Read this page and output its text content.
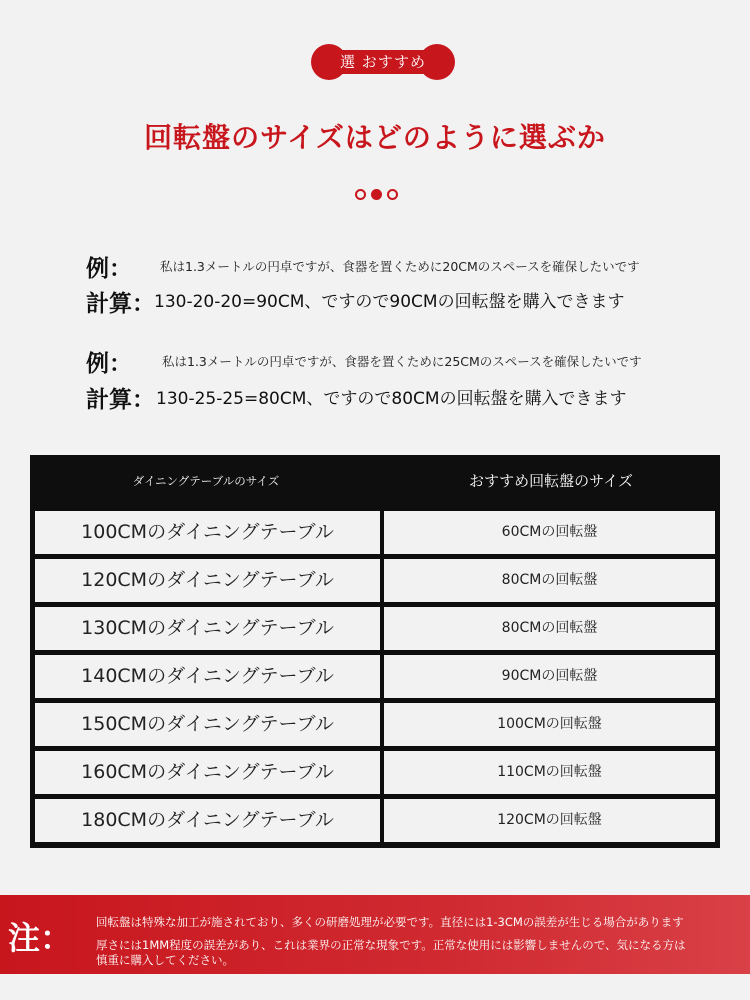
選 おすすめ
回転盤のサイズはどのように選ぶか
例： 私は1.3メートルの円卓ですが、食器を置くために20CMのスペースを確保したいです
計算： 130-20-20=90CM、ですので90CMの回転盤を購入できます
例： 私は1.3メートルの円卓ですが、食器を置くために25CMのスペースを確保したいです
計算： 130-25-25=80CM、ですので80CMの回転盤を購入できます
ダイニングテーブルのサイズ	おすすめ回転盤のサイズ
100CMのダイニングテーブル	60CMの回転盤
120CMのダイニングテーブル	80CMの回転盤
130CMのダイニングテーブル	80CMの回転盤
140CMのダイニングテーブル	90CMの回転盤
150CMのダイニングテーブル	100CMの回転盤
160CMのダイニングテーブル	110CMの回転盤
180CMのダイニングテーブル	120CMの回転盤
注： 回転盤は特殊な加工が施されており、多くの研磨処理が必要です。直径には1-3CMの誤差が生じる場合があります
厚さには1MM程度の誤差があり、これは業界の正常な現象です。正常な使用には影響しませんので、気になる方は
慎重に購入してください。
